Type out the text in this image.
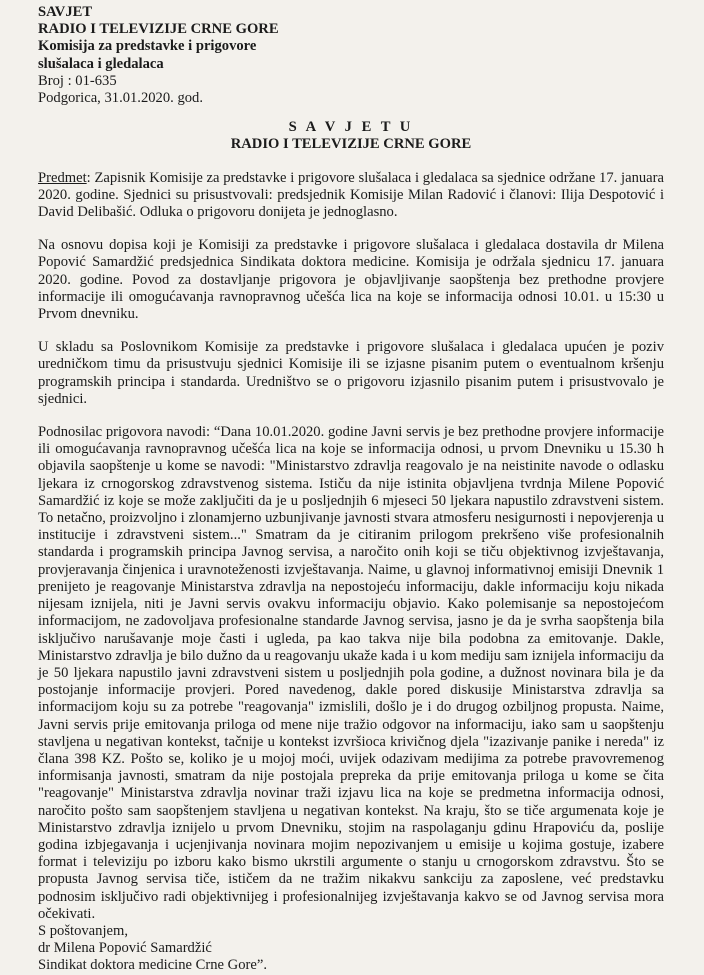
SAVJET

RADIO I TELEVIZIJE CRNE GORE

Komisija za predstavke i prigovore

slušalaca i gledalaca

Broj : 01-635

Podgorica, 31.01.2020. god.

S A V J E T U

RADIO I TELEVIZIJE CRNE GORE

Predmet: Zapisnik Komisije za predstavke i prigovore slušalaca i gledalaca sa sjednice održane 17. januara 2020. godine. Sjednici su prisustvovali: predsjednik Komisije Milan Radović i članovi: Ilija Despotović i David Delibašić. Odluka o prigovoru donijeta je jednoglasno.

Na osnovu dopisa koji je Komisiji za predstavke i prigovore slušalaca i gledalaca dostavila dr Milena Popović Samardžić predsjednica Sindikata doktora medicine. Komisija je održala sjednicu 17. januara 2020. godine. Povod za dostavljanje prigovora je objavljivanje saopštenja bez prethodne provjere informacije ili omogućavanja ravnopravnog učešća lica na koje se informacija odnosi 10.01. u 15:30 u Prvom dnevniku.

U skladu sa Poslovnikom Komisije za predstavke i prigovore slušalaca i gledalaca upućen je poziv uredničkom timu da prisustvuju sjednici Komisije ili se izjasne pisanim putem o eventualnom kršenju programskih principa i standarda. Uredništvo se o prigovoru izjasnilo pisanim putem i prisustvovalo je sjednici.

Podnosilac prigovora navodi: “Dana 10.01.2020. godine Javni servis je bez prethodne provjere informacije ili omogućavanja ravnopravnog učešća lica na koje se informacija odnosi, u prvom Dnevniku u 15.30 h objavila saopštenje u kome se navodi: "Ministarstvo zdravlja reagovalo je na neistinite navode o odlasku ljekara iz crnogorskog zdravstvenog sistema. Ističu da nije istinita objavljena tvrdnja Milene Popović Samardžić iz koje se može zaključiti da je u posljednjih 6 mjeseci 50 ljekara napustilo zdravstveni sistem. To netačno, proizvoljno i zlonamjerno uzbunjivanje javnosti stvara atmosferu nesigurnosti i nepovjerenja u institucije i zdravstveni sistem..." Smatram da je citiranim prilogom prekršeno više profesionalnih standarda i programskih principa Javnog servisa, a naročito onih koji se tiču objektivnog izvještavanja, provjeravanja činjenica i uravnoteženosti izvještavanja. Naime, u glavnoj informativnoj emisiji Dnevnik 1 prenijeto je reagovanje Ministarstva zdravlja na nepostojeću informaciju, dakle informaciju koju nikada nijesam iznijela, niti je Javni servis ovakvu informaciju objavio. Kako polemisanje sa nepostojećom informacijom, ne zadovoljava profesionalne standarde Javnog servisa, jasno je da je svrha saopštenja bila isključivo narušavanje moje časti i ugleda, pa kao takva nije bila podobna za emitovanje. Dakle, Ministarstvo zdravlja je bilo dužno da u reagovanju ukaže kada i u kom mediju sam iznijela informaciju da je 50 ljekara napustilo javni zdravstveni sistem u posljednjih pola godine, a dužnost novinara bila je da postojanje informacije provjeri. Pored navedenog, dakle pored diskusije Ministarstva zdravlja sa informacijom koju su za potrebe "reagovanja" izmislili, došlo je i do drugog ozbiljnog propusta. Naime, Javni servis prije emitovanja priloga od mene nije tražio odgovor na informaciju, iako sam u saopštenju stavljena u negativan kontekst, tačnije u kontekst izvršioca krivičnog djela "izazivanje panike i nereda" iz člana 398 KZ. Pošto se, koliko je u mojoj moći, uvijek odazivam medijima za potrebe pravovremenog informisanja javnosti, smatram da nije postojala prepreka da prije emitovanja priloga u kome se čita "reagovanje" Ministarstva zdravlja novinar traži izjavu lica na koje se predmetna informacija odnosi, naročito pošto sam saopštenjem stavljena u negativan kontekst. Na kraju, što se tiče argumenata koje je Ministarstvo zdravlja iznijelo u prvom Dnevniku, stojim na raspolaganju gdinu Hrapoviću da, poslije godina izbjegavanja i ucjenjivanja novinara mojim nepozivanjem u emisije u kojima gostuje, izabere format i televiziju po izboru kako bismo ukrstili argumente o stanju u crnogorskom zdravstvu. Što se propusta Javnog servisa tiče, ističem da ne tražim nikakvu sankciju za zaposlene, već predstavku podnosim isključivo radi objektivnijeg i profesionalnijeg izvještavanja kakvo se od Javnog servisa mora očekivati.

S poštovanjem,

dr Milena Popović Samardžić

Sindikat doktora medicine Crne Gore”.
